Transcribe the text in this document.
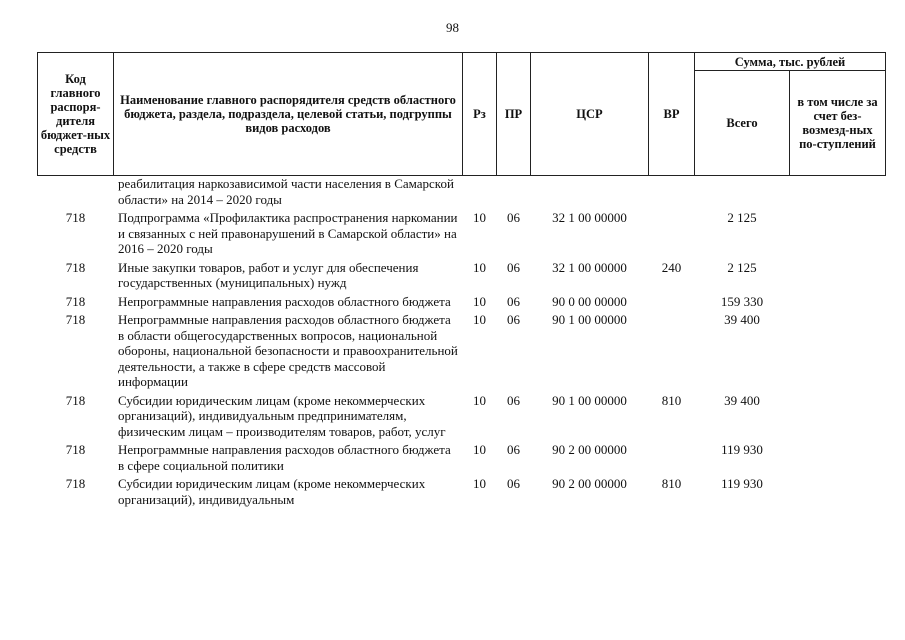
98
Код главного распоря-дителя бюджет-ных средств	Наименование главного распорядителя средств областного бюджета, раздела, подраздела, целевой статьи, подгруппы видов расходов	Рз	ПР	ЦСР	ВР	Сумма, тыс. рублей	
						Всего	в том числе за счет без-возмезд-ных по-ступлений
	реабилитация наркозависимой части населения в Самарской области» на 2014 – 2020 годы						
718	Подпрограмма «Профилактика распространения наркомании и связанных с ней правонарушений в Самарской области» на 2016 – 2020 годы	10	06	32 1 00 00000		2 125	
718	Иные закупки товаров, работ и услуг для обеспечения государственных (муниципальных) нужд	10	06	32 1 00 00000	240	2 125	
718	Непрограммные направления расходов областного бюджета	10	06	90 0 00 00000		159 330	
718	Непрограммные направления расходов областного бюджета в области общегосударственных вопросов, национальной обороны, национальной безопасности и правоохранительной деятельности, а также в сфере средств массовой информации	10	06	90 1 00 00000		39 400	
718	Субсидии юридическим лицам (кроме некоммерческих организаций), индивидуальным предпринимателям, физическим лицам – производителям товаров, работ, услуг	10	06	90 1 00 00000	810	39 400	
718	Непрограммные направления расходов областного бюджета в сфере социальной политики	10	06	90 2 00 00000		119 930	
718	Субсидии юридическим лицам (кроме некоммерческих организаций), индивидуальным	10	06	90 2 00 00000	810	119 930	
